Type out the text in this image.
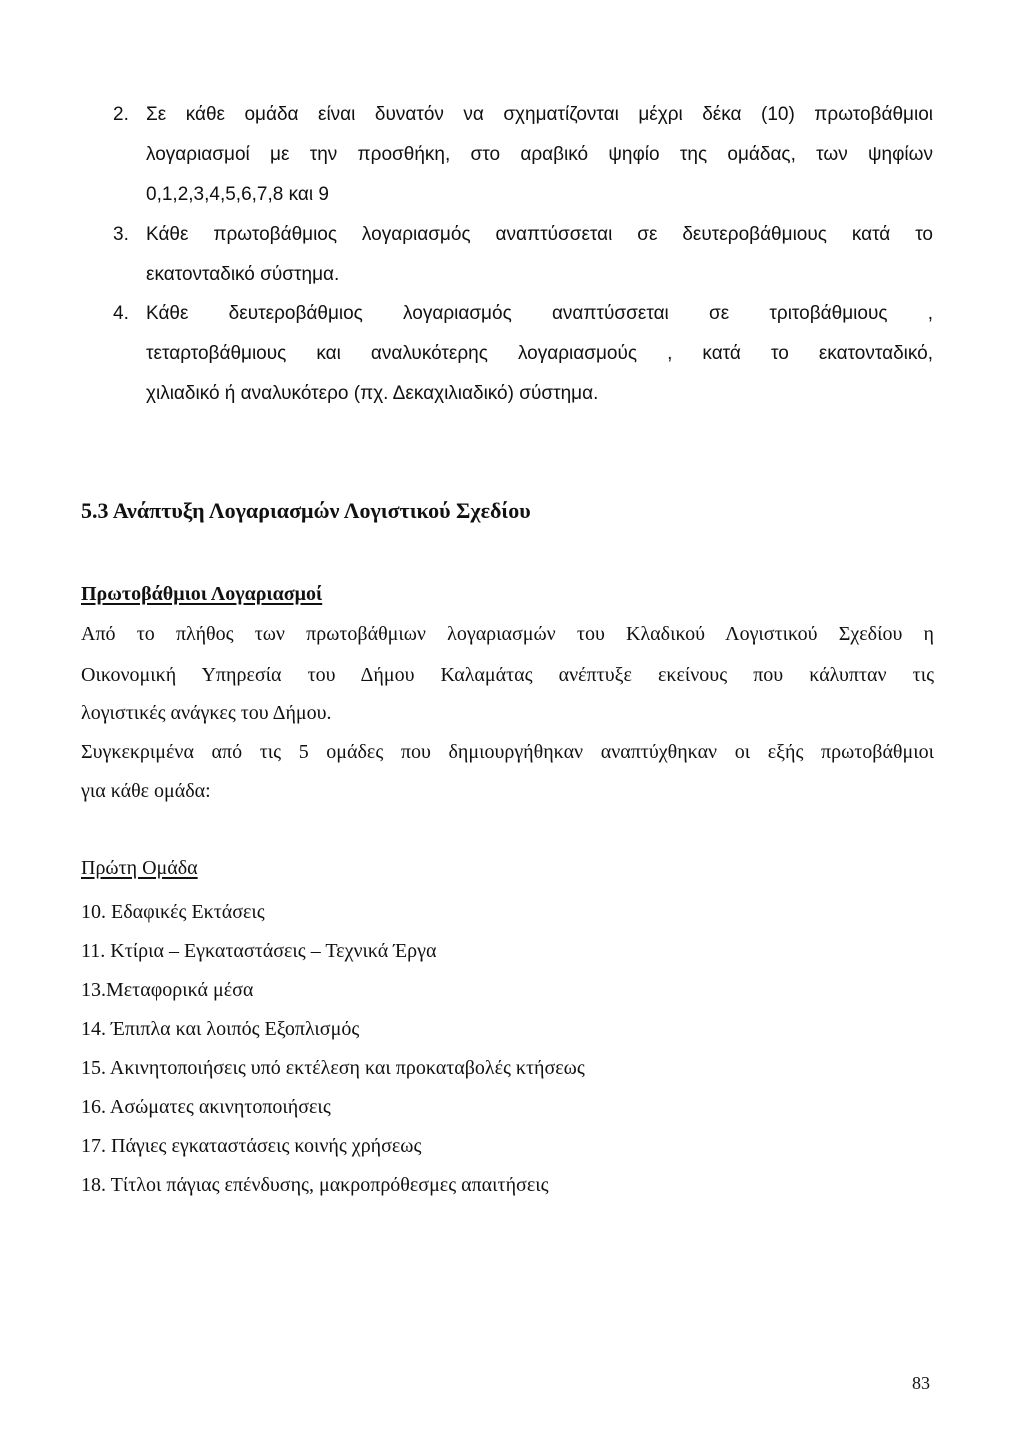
2. Σε κάθε ομάδα είναι δυνατόν να σχηματίζονται μέχρι δέκα (10) πρωτοβάθμιοι
λογαριασμοί με την προσθήκη, στο αραβικό ψηφίο της ομάδας, των ψηφίων
0,1,2,3,4,5,6,7,8 και 9
3. Κάθε πρωτοβάθμιος λογαριασμός αναπτύσσεται σε δευτεροβάθμιους κατά το
εκατονταδικό σύστημα.
4. Κάθε δευτεροβάθμιος λογαριασμός αναπτύσσεται σε τριτοβάθμιους ,
τεταρτοβάθμιους και αναλυκότερης λογαριασμούς , κατά το εκατονταδικό,
χιλιαδικό ή αναλυκότερο (πχ. Δεκαχιλιαδικό) σύστημα.
5.3 Ανάπτυξη Λογαριασμών Λογιστικού Σχεδίου
Πρωτοβάθμιοι Λογαριασμοί
Από το πλήθος των πρωτοβάθμιων λογαριασμών του Κλαδικού Λογιστικού Σχεδίου η
Οικονομική Υπηρεσία του Δήμου Καλαμάτας ανέπτυξε εκείνους που κάλυπταν τις
λογιστικές ανάγκες του Δήμου.
Συγκεκριμένα από τις 5 ομάδες που δημιουργήθηκαν αναπτύχθηκαν οι εξής πρωτοβάθμιοι
για κάθε ομάδα:
Πρώτη Ομάδα
10. Εδαφικές Εκτάσεις
11. Κτίρια – Εγκαταστάσεις – Τεχνικά Έργα
13.Μεταφορικά μέσα
14. Έπιπλα και λοιπός Εξοπλισμός
15. Ακινητοποιήσεις υπό εκτέλεση και προκαταβολές κτήσεως
16. Ασώματες ακινητοποιήσεις
17. Πάγιες εγκαταστάσεις κοινής χρήσεως
18. Τίτλοι πάγιας επένδυσης, μακροπρόθεσμες απαιτήσεις
83
